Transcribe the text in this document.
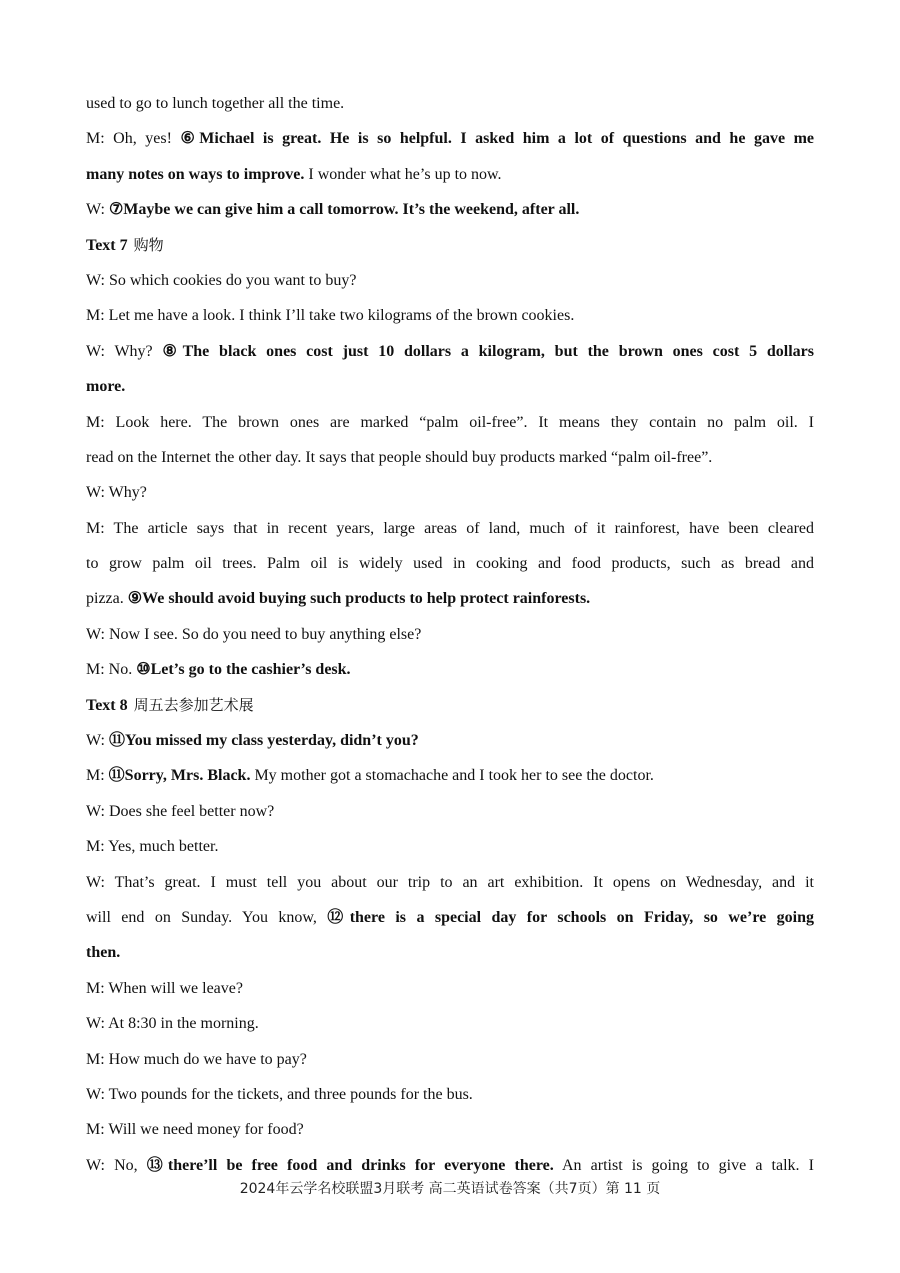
used to go to lunch together all the time.
M: Oh, yes! ⑥Michael is great. He is so helpful. I asked him a lot of questions and he gave me
many notes on ways to improve. I wonder what he’s up to now.
W: ⑦Maybe we can give him a call tomorrow. It’s the weekend, after all.
Text 7 购物
W: So which cookies do you want to buy?
M: Let me have a look. I think I’ll take two kilograms of the brown cookies.
W: Why? ⑧The black ones cost just 10 dollars a kilogram, but the brown ones cost 5 dollars
more.
M: Look here. The brown ones are marked “palm oil-free”. It means they contain no palm oil. I
read on the Internet the other day. It says that people should buy products marked “palm oil-free”.
W: Why?
M: The article says that in recent years, large areas of land, much of it rainforest, have been cleared
to grow palm oil trees. Palm oil is widely used in cooking and food products, such as bread and
pizza. ⑨We should avoid buying such products to help protect rainforests.
W: Now I see. So do you need to buy anything else?
M: No. ⑩Let’s go to the cashier’s desk.
Text 8 周五去参加艺术展
W: ⑪You missed my class yesterday, didn’t you?
M: ⑪Sorry, Mrs. Black. My mother got a stomachache and I took her to see the doctor.
W: Does she feel better now?
M: Yes, much better.
W: That’s great. I must tell you about our trip to an art exhibition. It opens on Wednesday, and it
will end on Sunday. You know, ⑫there is a special day for schools on Friday, so we’re going
then.
M: When will we leave?
W: At 8:30 in the morning.
M: How much do we have to pay?
W: Two pounds for the tickets, and three pounds for the bus.
M: Will we need money for food?
W: No, ⑬there’ll be free food and drinks for everyone there. An artist is going to give a talk. I
2024年云学名校联盟3月联考 高二英语试卷答案（共7页）第 11 页
